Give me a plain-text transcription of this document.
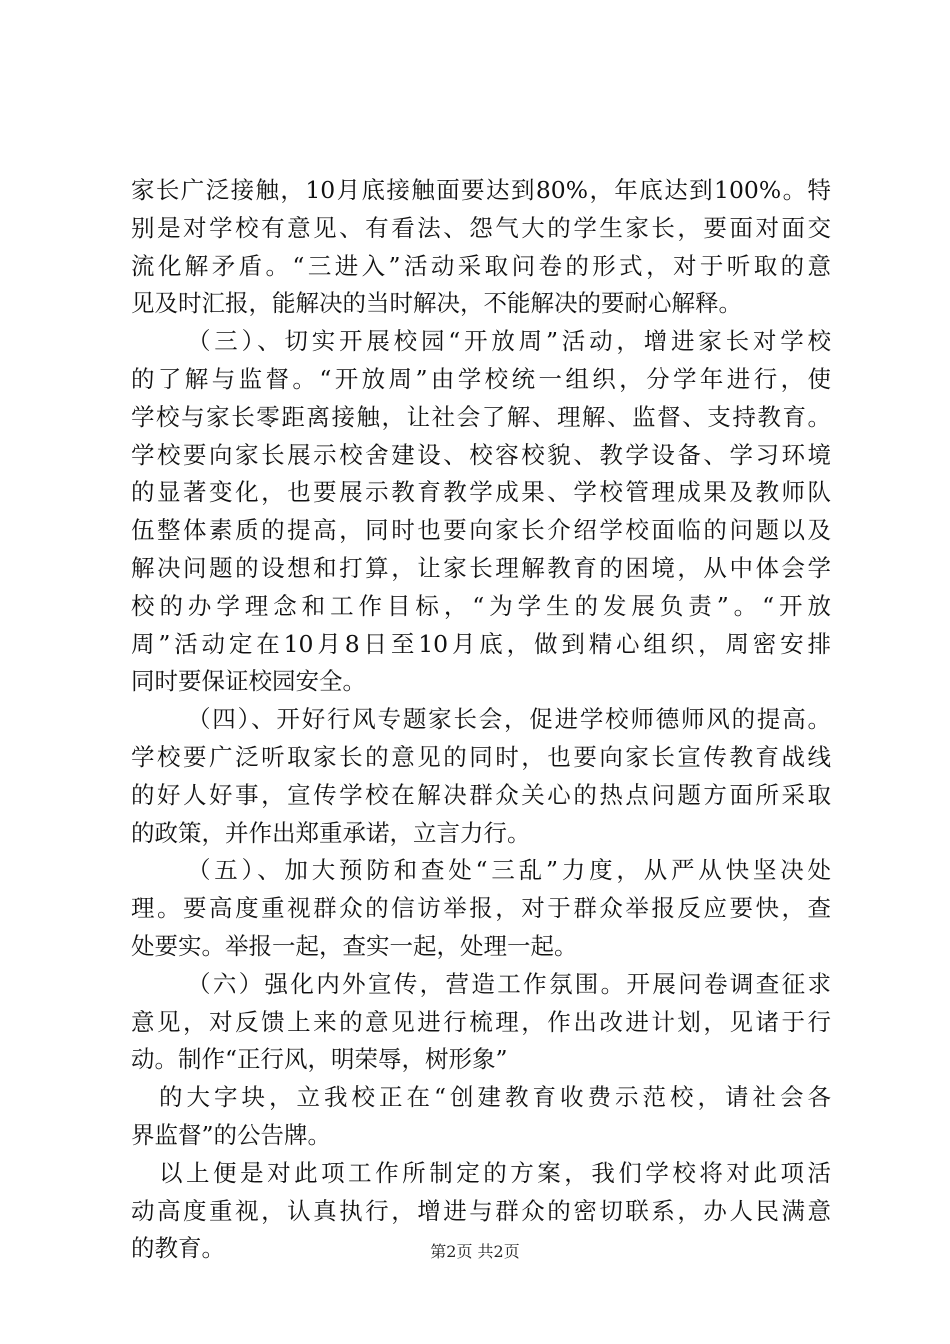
家长广泛接触，10月底接触面要达到80%，年底达到100%。特
别是对学校有意见、有看法、怨气大的学生家长，要面对面交
流化解矛盾。“三进入”活动采取问卷的形式，对于听取的意
见及时汇报，能解决的当时解决，不能解决的要耐心解释。
（三）、切实开展校园“开放周”活动，增进家长对学校
的了解与监督。“开放周”由学校统一组织，分学年进行，使
学校与家长零距离接触，让社会了解、理解、监督、支持教育。
学校要向家长展示校舍建设、校容校貌、教学设备、学习环境
的显著变化，也要展示教育教学成果、学校管理成果及教师队
伍整体素质的提高，同时也要向家长介绍学校面临的问题以及
解决问题的设想和打算，让家长理解教育的困境，从中体会学
校的办学理念和工作目标，“为学生的发展负责”。“开放
周”活动定在10月8日至10月底，做到精心组织，周密安排
同时要保证校园安全。
（四）、开好行风专题家长会，促进学校师德师风的提高。
学校要广泛听取家长的意见的同时，也要向家长宣传教育战线
的好人好事，宣传学校在解决群众关心的热点问题方面所采取
的政策，并作出郑重承诺，立言力行。
（五）、加大预防和查处“三乱”力度，从严从快坚决处
理。要高度重视群众的信访举报，对于群众举报反应要快，查
处要实。举报一起，查实一起，处理一起。
（六）强化内外宣传，营造工作氛围。开展问卷调查征求
意见，对反馈上来的意见进行梳理，作出改进计划，见诸于行
动。制作“正行风，明荣辱，树形象”
的大字块，立我校正在“创建教育收费示范校，请社会各
界监督”的公告牌。
以上便是对此项工作所制定的方案，我们学校将对此项活
动高度重视，认真执行，增进与群众的密切联系，办人民满意
的教育。	第2页 共2页
